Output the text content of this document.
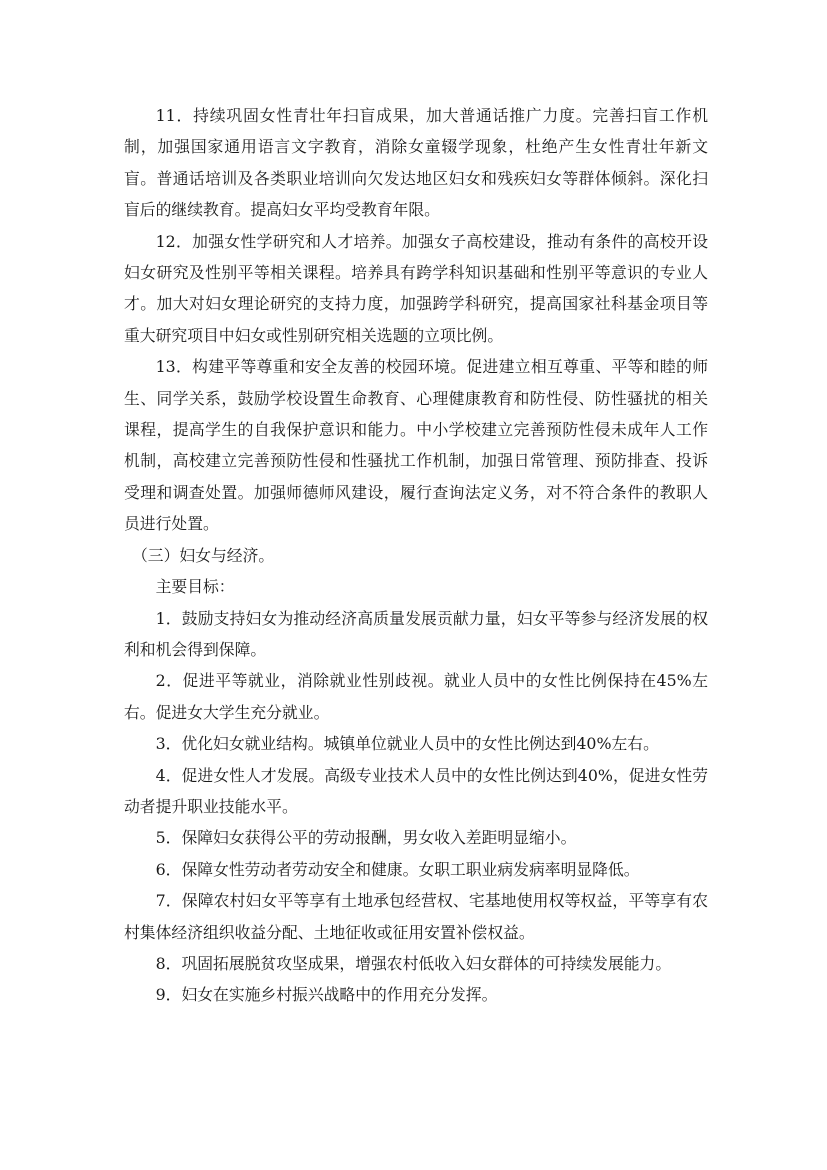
11．持续巩固女性青壮年扫盲成果，加大普通话推广力度。完善扫盲工作机制，加强国家通用语言文字教育，消除女童辍学现象，杜绝产生女性青壮年新文盲。普通话培训及各类职业培训向欠发达地区妇女和残疾妇女等群体倾斜。深化扫盲后的继续教育。提高妇女平均受教育年限。

12．加强女性学研究和人才培养。加强女子高校建设，推动有条件的高校开设妇女研究及性别平等相关课程。培养具有跨学科知识基础和性别平等意识的专业人才。加大对妇女理论研究的支持力度，加强跨学科研究，提高国家社科基金项目等重大研究项目中妇女或性别研究相关选题的立项比例。

13．构建平等尊重和安全友善的校园环境。促进建立相互尊重、平等和睦的师生、同学关系，鼓励学校设置生命教育、心理健康教育和防性侵、防性骚扰的相关课程，提高学生的自我保护意识和能力。中小学校建立完善预防性侵未成年人工作机制，高校建立完善预防性侵和性骚扰工作机制，加强日常管理、预防排查、投诉受理和调查处置。加强师德师风建设，履行查询法定义务，对不符合条件的教职人员进行处置。

（三）妇女与经济。

主要目标：

1．鼓励支持妇女为推动经济高质量发展贡献力量，妇女平等参与经济发展的权利和机会得到保障。

2．促进平等就业，消除就业性别歧视。就业人员中的女性比例保持在45%左右。促进女大学生充分就业。

3．优化妇女就业结构。城镇单位就业人员中的女性比例达到40%左右。

4．促进女性人才发展。高级专业技术人员中的女性比例达到40%，促进女性劳动者提升职业技能水平。

5．保障妇女获得公平的劳动报酬，男女收入差距明显缩小。

6．保障女性劳动者劳动安全和健康。女职工职业病发病率明显降低。

7．保障农村妇女平等享有土地承包经营权、宅基地使用权等权益，平等享有农村集体经济组织收益分配、土地征收或征用安置补偿权益。

8．巩固拓展脱贫攻坚成果，增强农村低收入妇女群体的可持续发展能力。

9．妇女在实施乡村振兴战略中的作用充分发挥。
